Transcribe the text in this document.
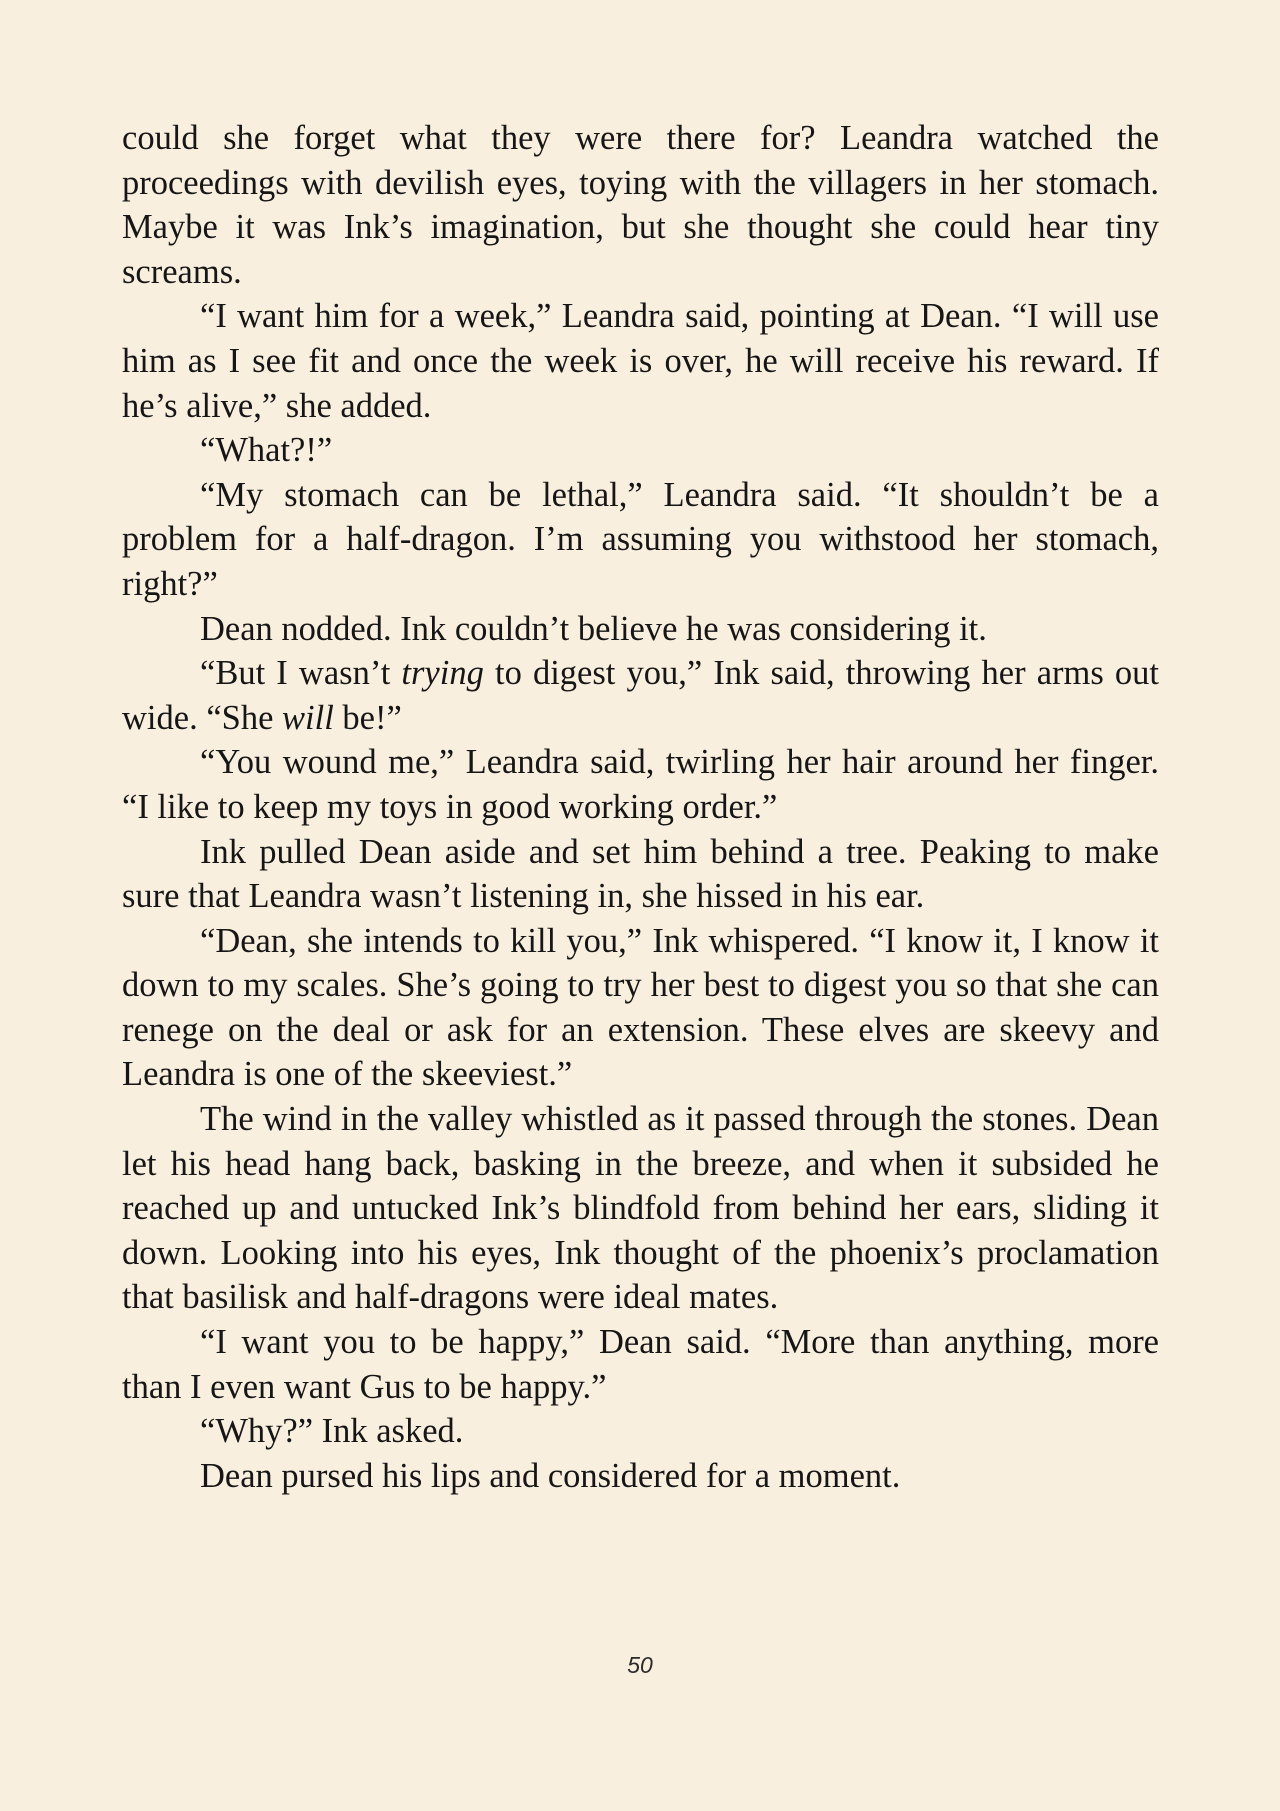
could she forget what they were there for? Leandra watched the proceedings with devilish eyes, toying with the villagers in her stomach. Maybe it was Ink’s imagination, but she thought she could hear tiny screams.

“I want him for a week,” Leandra said, pointing at Dean. “I will use him as I see fit and once the week is over, he will receive his reward. If he’s alive,” she added.

“What?!”

“My stomach can be lethal,” Leandra said. “It shouldn’t be a problem for a half-dragon. I’m assuming you withstood her stomach, right?”

Dean nodded. Ink couldn’t believe he was considering it.

“But I wasn’t trying to digest you,” Ink said, throwing her arms out wide. “She will be!”

“You wound me,” Leandra said, twirling her hair around her finger. “I like to keep my toys in good working order.”

Ink pulled Dean aside and set him behind a tree. Peaking to make sure that Leandra wasn’t listening in, she hissed in his ear.

“Dean, she intends to kill you,” Ink whispered. “I know it, I know it down to my scales. She’s going to try her best to digest you so that she can renege on the deal or ask for an extension. These elves are skeevy and Leandra is one of the skeeviest.”

The wind in the valley whistled as it passed through the stones. Dean let his head hang back, basking in the breeze, and when it subsided he reached up and untucked Ink’s blindfold from behind her ears, sliding it down. Looking into his eyes, Ink thought of the phoenix’s proclamation that basilisk and half-dragons were ideal mates.

“I want you to be happy,” Dean said. “More than anything, more than I even want Gus to be happy.”

“Why?” Ink asked.

Dean pursed his lips and considered for a moment.

50
